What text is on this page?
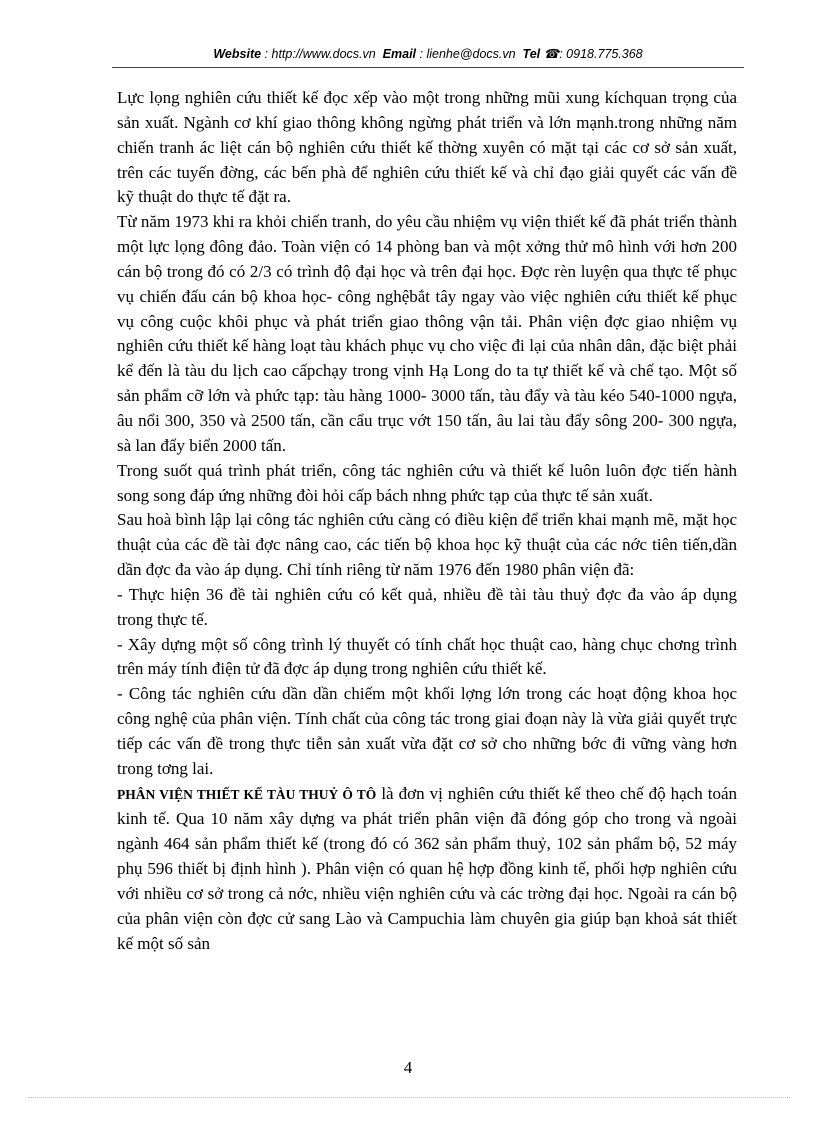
Website : http://www.docs.vn Email : lienhe@docs.vn Tel ☎: 0918.775.368

Lực lọng nghiên cứu thiết kế đọc xếp vào một trong những mũi xung kíchquan trọng của sản xuất. Ngành cơ khí giao thông không ngừng phát triển và lớn mạnh.trong những năm chiến tranh ác liệt cán bộ nghiên cứu thiết kế thờng xuyên có mặt tại các cơ sở sản xuất, trên các tuyến đờng, các bến phà để nghiên cứu thiết kế và chỉ đạo giải quyết các vấn đề kỹ thuật do thực tế đặt ra.

Từ năm 1973 khi ra khỏi chiến tranh, do yêu cầu nhiệm vụ viện thiết kế đã phát triển thành một lực lọng đông đảo. Toàn viện có 14 phòng ban và một xởng thử mô hình với hơn 200 cán bộ trong đó có 2/3 có trình độ đại học và trên đại học. Đợc rèn luyện qua thực tế phục vụ chiến đấu cán bộ khoa học- công nghệbắt tây ngay vào việc nghiên cứu thiết kế phục vụ công cuộc khôi phục và phát triển giao thông vận tải. Phân viện đợc giao nhiệm vụ nghiên cứu thiết kế hàng loạt tàu khách phục vụ cho việc đi lại của nhân dân, đặc biệt phải kể đến là tàu du lịch cao cấpchạy trong vịnh Hạ Long do ta tự thiết kế và chế tạo. Một số sản phẩm cỡ lớn và phức tạp: tàu hàng 1000- 3000 tấn, tàu đẩy và tàu kéo 540-1000 ngựa, âu nổi 300, 350 và 2500 tấn, cần cẩu trục vớt 150 tấn, âu lai tàu đẩy sông 200- 300 ngựa, sà lan đẩy biển 2000 tấn.

Trong suốt quá trình phát triển, công tác nghiên cứu và thiết kế luôn luôn đợc tiến hành song song đáp ứng những đòi hỏi cấp bách nhng phức tạp của thực tế sản xuất.

Sau hoà bình lập lại công tác nghiên cứu càng có điều kiện để triển khai mạnh mẽ, mặt học thuật của các đề tài đợc nâng cao, các tiến bộ khoa học kỹ thuật của các nớc tiên tiến,dần dần đợc đa vào áp dụng. Chỉ tính riêng từ năm 1976 đến 1980 phân viện đã:

- Thực hiện 36 đề tài nghiên cứu có kết quả, nhiều đề tài tàu thuỷ đợc đa vào áp dụng trong thực tế.

- Xây dựng một số công trình lý thuyết có tính chất học thuật cao, hàng chục chơng trình trên máy tính điện tử đã đợc áp dụng trong nghiên cứu thiết kế.

- Công tác nghiên cứu dần dần chiếm một khối lợng lớn trong các hoạt động khoa học công nghệ của phân viện. Tính chất của công tác trong giai đoạn này là vừa giải quyết trực tiếp các vấn đề trong thực tiễn sản xuất vừa đặt cơ sở cho những bớc đi vững vàng hơn trong tơng lai.

PHÂN VIỆN THIẾT KẾ TÀU THUỶ Ô TÔ là đơn vị nghiên cứu thiết kế theo chế độ hạch toán kinh tế. Qua 10 năm xây dựng va phát triển phân viện đã đóng góp cho trong và ngoài ngành 464 sản phẩm thiết kế (trong đó có 362 sản phẩm thuỷ, 102 sản phẩm bộ, 52 máy phụ 596 thiết bị định hình ). Phân viện có quan hệ hợp đồng kinh tế, phối hợp nghiên cứu với nhiều cơ sở trong cả nớc, nhiều viện nghiên cứu và các trờng đại học. Ngoài ra cán bộ của phân viện còn đợc cử sang Lào và Campuchia làm chuyên gia giúp bạn khoả sát thiết kế một số sản

4
